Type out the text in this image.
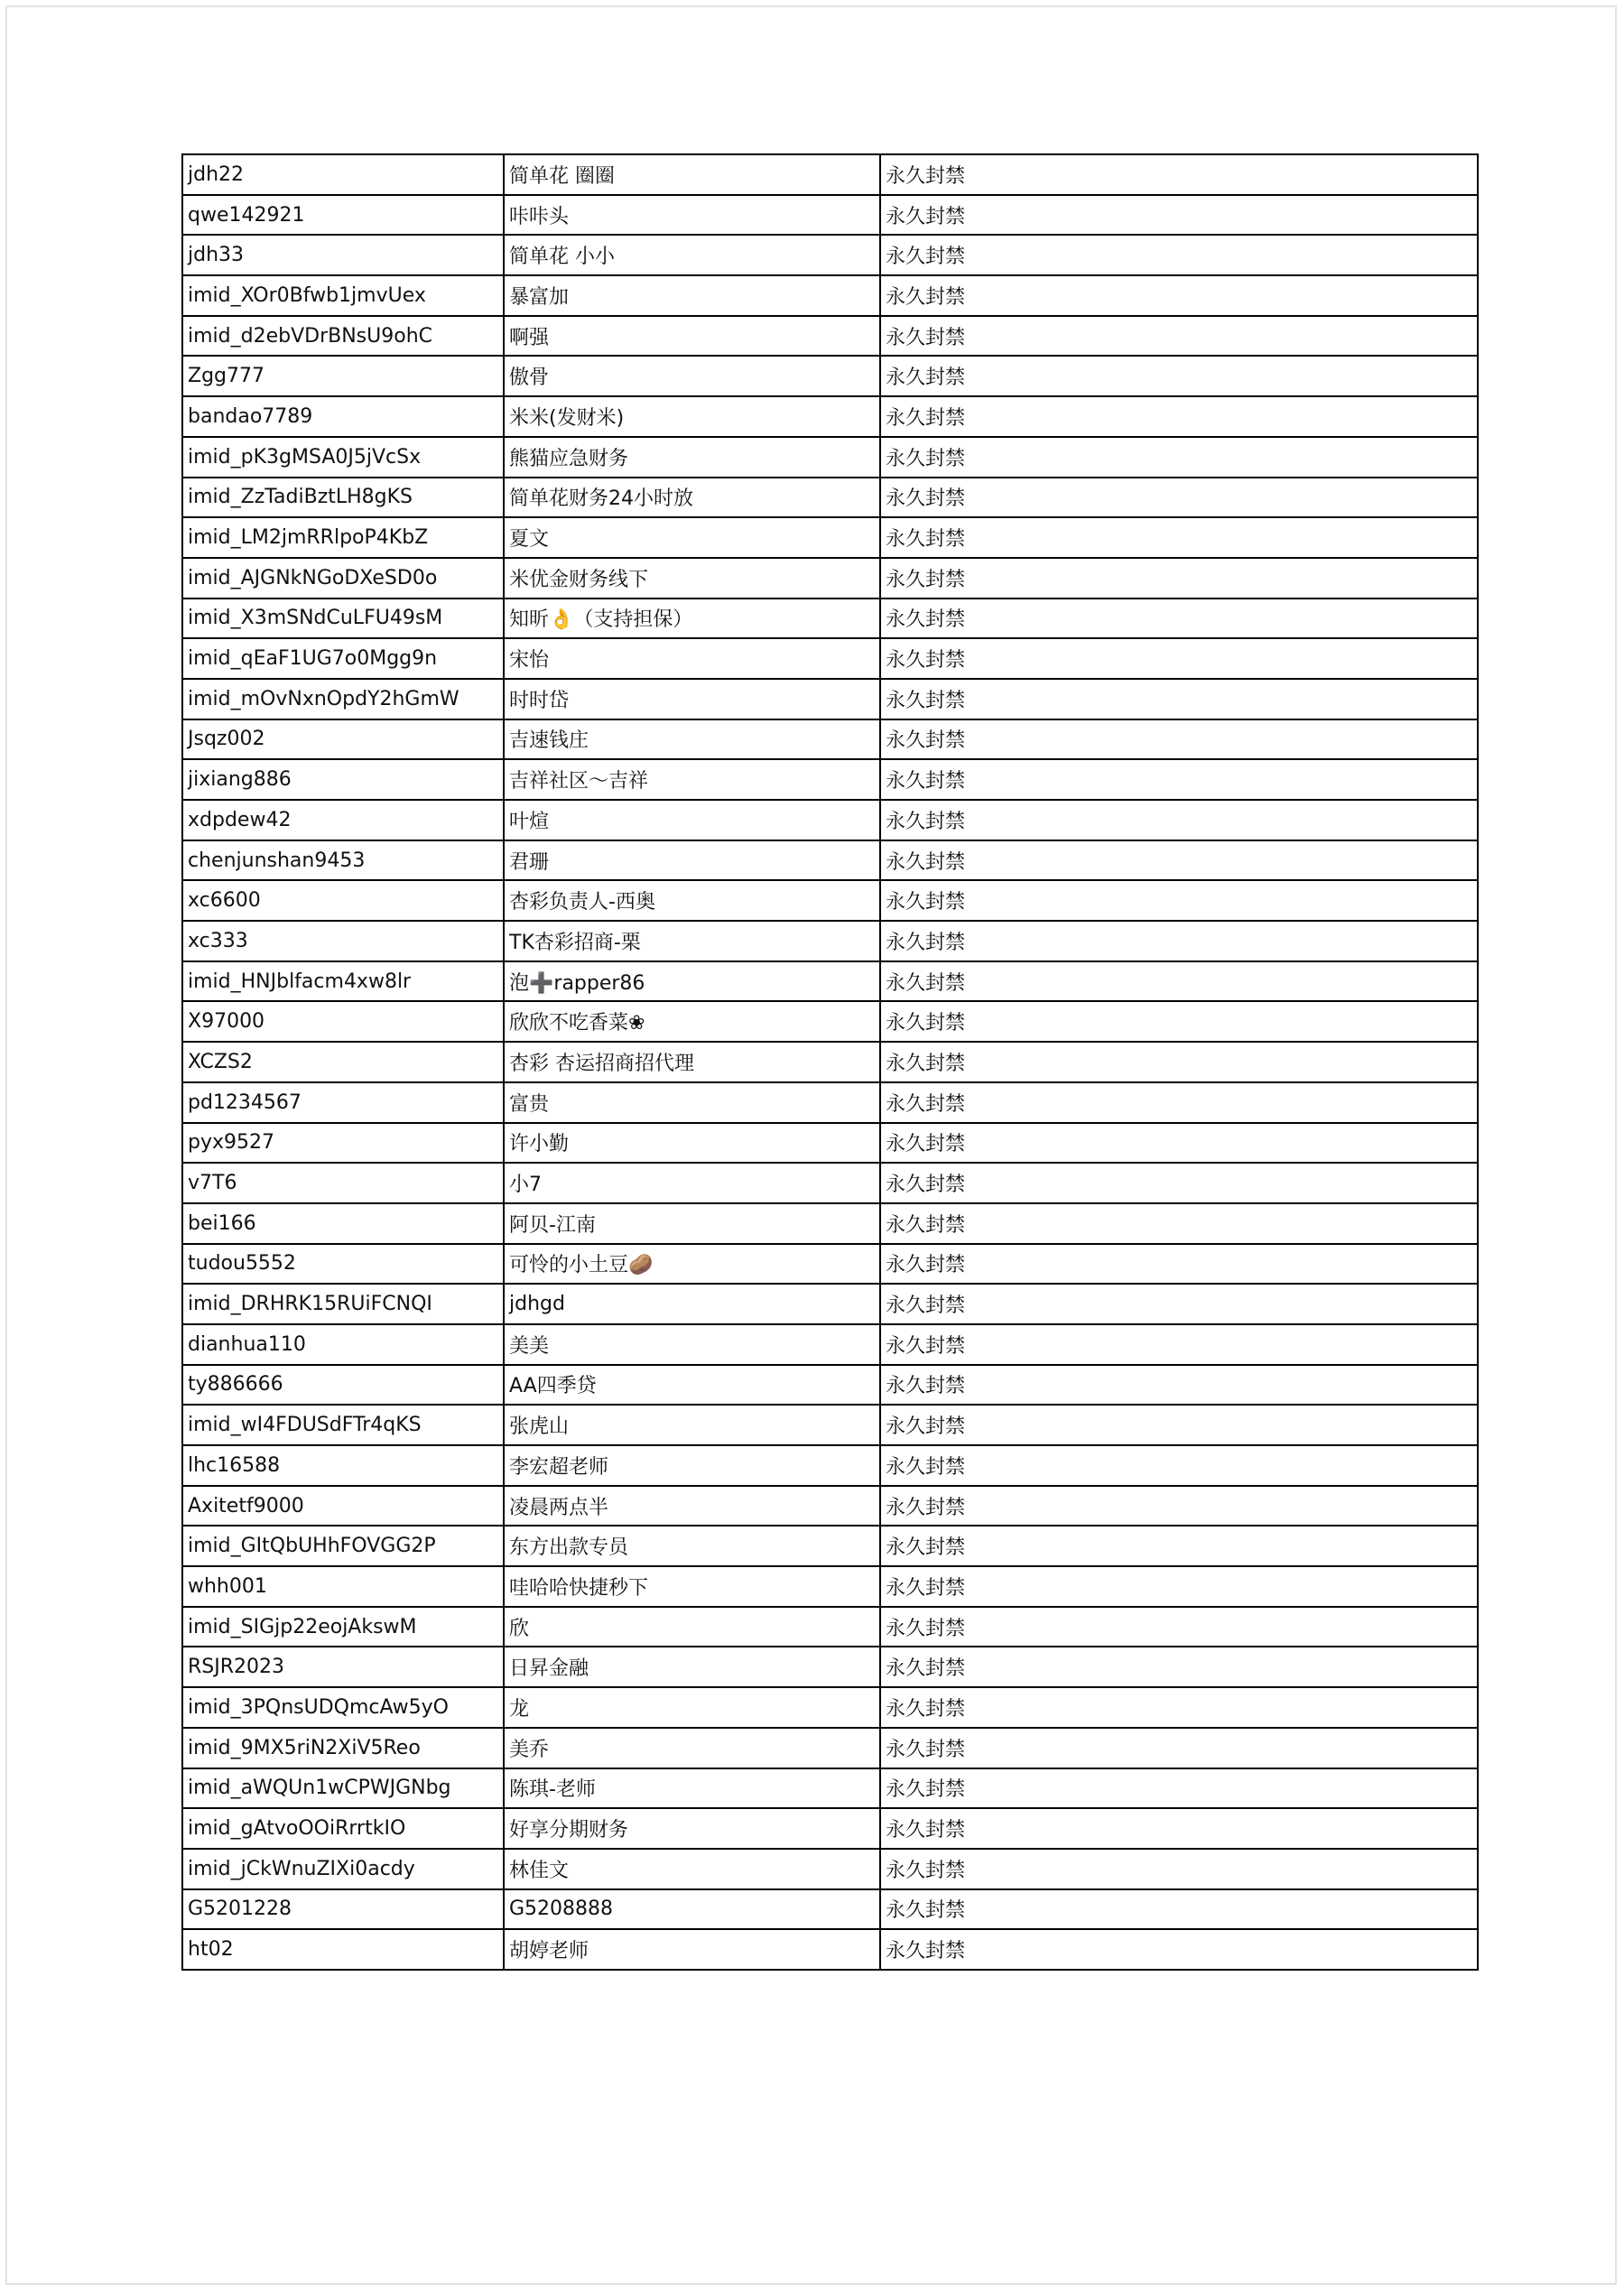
jdh22	简单花 圈圈	永久封禁
qwe142921	咔咔头	永久封禁
jdh33	简单花 小小	永久封禁
imid_XOr0Bfwb1jmvUex	暴富加	永久封禁
imid_d2ebVDrBNsU9ohC	啊强	永久封禁
Zgg777	傲骨	永久封禁
bandao7789	米米(发财米)	永久封禁
imid_pK3gMSA0J5jVcSx	熊猫应急财务	永久封禁
imid_ZzTadiBztLH8gKS	简单花财务24小时放	永久封禁
imid_LM2jmRRlpoP4KbZ	夏文	永久封禁
imid_AJGNkNGoDXeSD0o	米优金财务线下	永久封禁
imid_X3mSNdCuLFU49sM	知昕👌（支持担保）	永久封禁
imid_qEaF1UG7o0Mgg9n	宋怡	永久封禁
imid_mOvNxnOpdY2hGmW	时时岱	永久封禁
Jsqz002	吉速钱庄	永久封禁
jixiang886	吉祥社区～吉祥	永久封禁
xdpdew42	叶煊	永久封禁
chenjunshan9453	君珊	永久封禁
xc6600	杏彩负责人-西奥	永久封禁
xc333	TK杏彩招商-栗	永久封禁
imid_HNJblfacm4xw8lr	泡➕rapper86	永久封禁
X97000	欣欣不吃香菜❀	永久封禁
XCZS2	杏彩 杏运招商招代理	永久封禁
pd1234567	富贵	永久封禁
pyx9527	许小勤	永久封禁
v7T6	小7	永久封禁
bei166	阿贝-江南	永久封禁
tudou5552	可怜的小土豆🥔	永久封禁
imid_DRHRK15RUiFCNQI	jdhgd	永久封禁
dianhua110	美美	永久封禁
ty886666	AA四季贷	永久封禁
imid_wI4FDUSdFTr4qKS	张虎山	永久封禁
lhc16588	李宏超老师	永久封禁
Axitetf9000	凌晨两点半	永久封禁
imid_GItQbUHhFOVGG2P	东方出款专员	永久封禁
whh001	哇哈哈快捷秒下	永久封禁
imid_SIGjp22eojAkswM	欣	永久封禁
RSJR2023	日昇金融	永久封禁
imid_3PQnsUDQmcAw5yO	龙	永久封禁
imid_9MX5riN2XiV5Reo	美乔	永久封禁
imid_aWQUn1wCPWJGNbg	陈琪-老师	永久封禁
imid_gAtvoOOiRrrtkIO	好享分期财务	永久封禁
imid_jCkWnuZIXi0acdy	林佳文	永久封禁
G5201228	G5208888	永久封禁
ht02	胡婷老师	永久封禁
